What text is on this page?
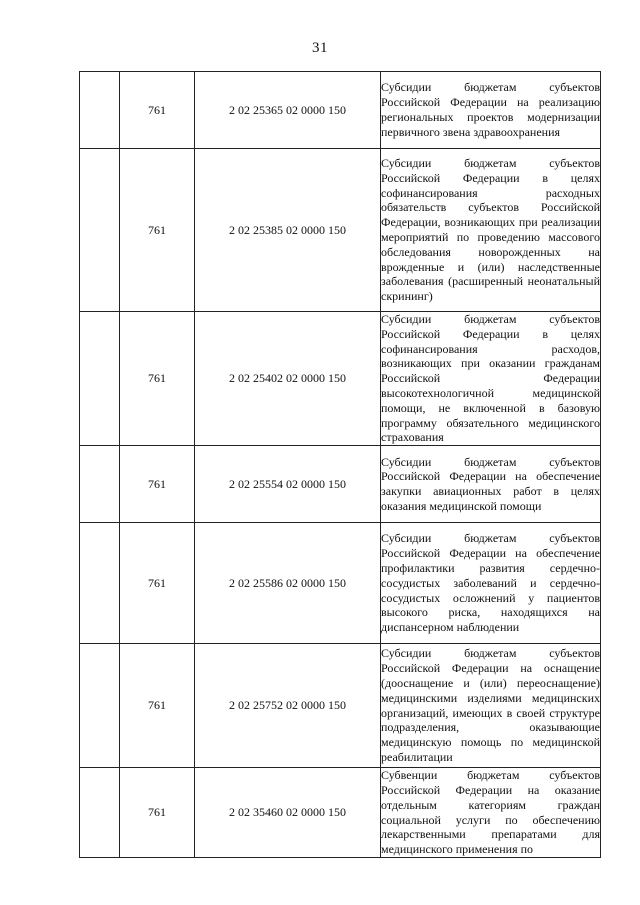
31
	761	2 02 25365 02 0000 150	Субсидии бюджетам субъектов Российской Федерации на реализацию региональных проектов модернизации первичного звена здравоохранения
	761	2 02 25385 02 0000 150	Субсидии бюджетам субъектов Российской Федерации в целях софинансирования расходных обязательств субъектов Российской Федерации, возникающих при реализации мероприятий по проведению массового обследования новорожденных на врожденные и (или) наследственные заболевания (расширенный неонатальный скрининг)
	761	2 02 25402 02 0000 150	Субсидии бюджетам субъектов Российской Федерации в целях софинансирования расходов, возникающих при оказании гражданам Российской Федерации высокотехнологичной медицинской помощи, не включенной в базовую программу обязательного медицинского страхования
	761	2 02 25554 02 0000 150	Субсидии бюджетам субъектов Российской Федерации на обеспечение закупки авиационных работ в целях оказания медицинской помощи
	761	2 02 25586 02 0000 150	Субсидии бюджетам субъектов Российской Федерации на обеспечение профилактики развития сердечно-сосудистых заболеваний и сердечно-сосудистых осложнений у пациентов высокого риска, находящихся на диспансерном наблюдении
	761	2 02 25752 02 0000 150	Субсидии бюджетам субъектов Российской Федерации на оснащение (дооснащение и (или) переоснащение) медицинскими изделиями медицинских организаций, имеющих в своей структуре подразделения, оказывающие медицинскую помощь по медицинской реабилитации
	761	2 02 35460 02 0000 150	Субвенции бюджетам субъектов Российской Федерации на оказание отдельным категориям граждан социальной услуги по обеспечению лекарственными препаратами для медицинского применения по
